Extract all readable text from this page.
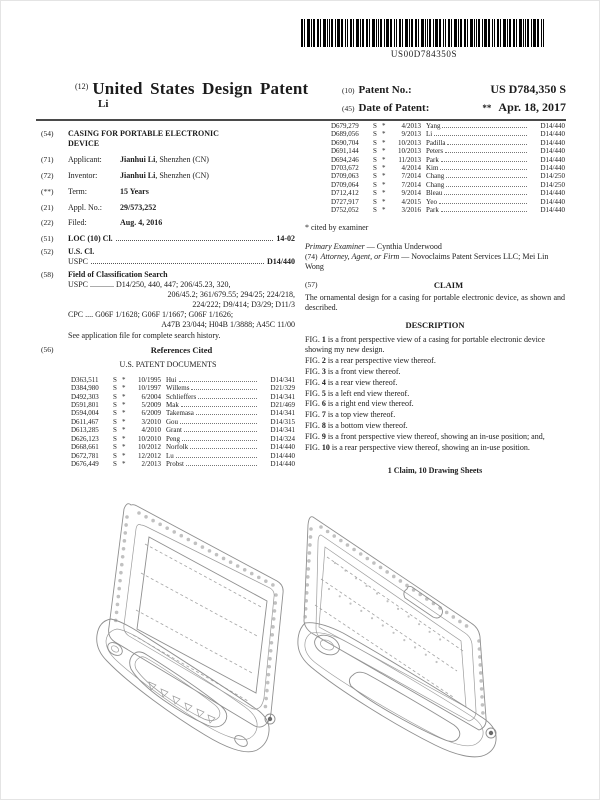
US00D784350S
$^{(12)}$ United States Design Patent
Li
(10) Patent No.:	US D784,350 S
(45) Date of Patent:	** Apr. 18, 2017
(54)	CASING FOR PORTABLE ELECTRONIC DEVICE
(71)	Applicant: Jianhui Li, Shenzhen (CN)
(72)	Inventor:	Jianhui Li, Shenzhen (CN)
(**)	Term:	15 Years
(21)	Appl. No.: 29/573,252
(22)	Filed:	Aug. 4, 2016
(51)	LOC (10) Cl.	14-02
(52)	U.S. Cl.
USPC	D14/440
(58)	Field of Classification Search
USPC ............ D14/250, 440, 447; 206/45.23, 320,
206/45.2; 361/679.55; 294/25; 224/218,
224/222; D9/414; D3/29; D11/3
CPC .... G06F 1/1628; G06F 1/1667; G06F 1/1626;
A47B 23/044; H04B 1/3888; A45C 11/00
See application file for complete search history.
(56)	References Cited
U.S. PATENT DOCUMENTS
D363,511	S *	10/1995 Hui	D14/341
D384,980	S *	10/1997 Willems	D21/329
D492,303	S *	6/2004 Schlieffers	D14/341
D591,801	S *	5/2009 Mak	D21/469
D594,004	S *	6/2009 Takemasa	D14/341
D611,467	S *	3/2010 Gou	D14/315
D613,285	S *	4/2010 Grant	D14/341
D626,123	S *	10/2010 Peng	D14/324
D668,661	S *	10/2012 Norfolk	D14/440
D672,781	S *	12/2012 Lu	D14/440
D676,449	S *	2/2013 Probst	D14/440
D679,279	S *	4/2013 Yang	D14/440
D689,056	S *	9/2013 Li	D14/440
D690,704	S *	10/2013 Padilla	D14/440
D691,144	S *	10/2013 Peters	D14/440
D694,246	S *	11/2013 Park	D14/440
D703,672	S *	4/2014 Kim	D14/440
D709,063	S *	7/2014 Chang	D14/250
D709,064	S *	7/2014 Chang	D14/250
D712,412	S *	9/2014 Bleau	D14/440
D727,917	S *	4/2015 Yeo	D14/440
D752,052	S *	3/2016 Park	D14/440
* cited by examiner
Primary Examiner — Cynthia Underwood
(74) Attorney, Agent, or Firm — Novoclaims Patent Services LLC; Mei Lin Wong
(57)	CLAIM
The ornamental design for a casing for portable electronic device, as shown and described.
DESCRIPTION
FIG. 1 is a front perspective view of a casing for portable electronic device showing my new design.
FIG. 2 is a rear perspective view thereof.
FIG. 3 is a front view thereof.
FIG. 4 is a rear view thereof.
FIG. 5 is a left end view thereof.
FIG. 6 is a right end view thereof.
FIG. 7 is a top view thereof.
FIG. 8 is a bottom view thereof.
FIG. 9 is a front perspective view thereof, showing an in-use position; and,
FIG. 10 is a rear perspective view thereof, showing an in-use position.
1 Claim, 10 Drawing Sheets
